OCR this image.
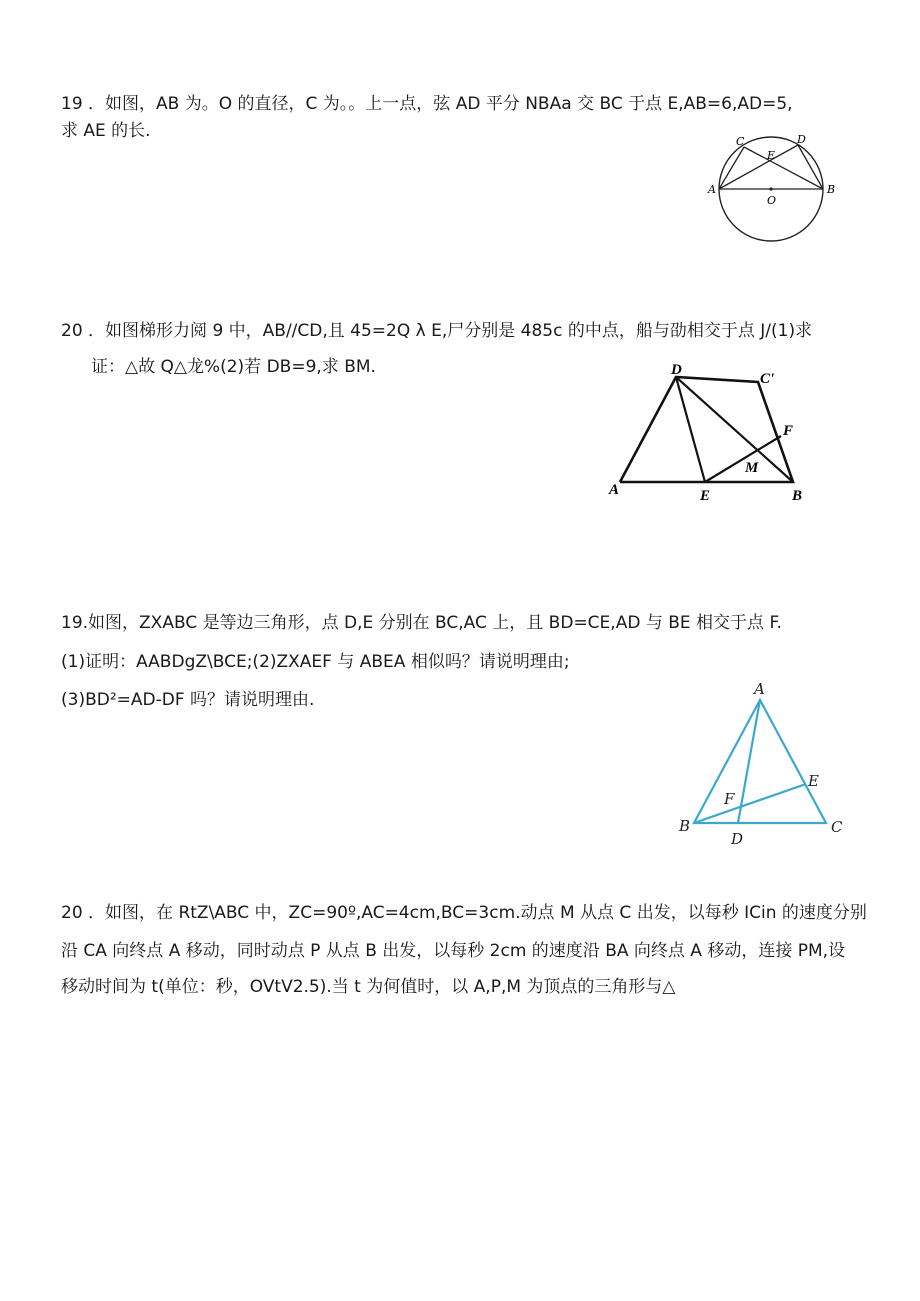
19 ．如图，AB 为。O 的直径，C 为。。上一点，弦 AD 平分 NBAa 交 BC 于点 E,AB=6,AD=5,

求 AE 的长.

A	B
C	D
E
O

20 ．如图梯形力阅 9 中，AB//CD,且 45=2Q λ E,尸分别是 485c 的中点，船与劭相交于点 J/(1)求

证：△故 Q△龙%(2)若 DB=9,求 BM.	D
C'
F
M
A	E	B

19.如图，ZXABC 是等边三角形，点 D,E 分别在 BC,AC 上，且 BD=CE,AD 与 BE 相交于点 F.

(1)证明：AABDgZ\BCE;(2)ZXAEF 与 ABEA 相似吗？请说明理由;

(3)BD²=AD-DF 吗？请说明理由.

A
E
F
B
D
C

20 ．如图，在 RtZ\ABC 中，ZC=90º,AC=4cm,BC=3cm.动点 M 从点 C 出发，以每秒 ICin 的速度分别

沿 CA 向终点 A 移动，同时动点 P 从点 B 出发，以每秒 2cm 的速度沿 BA 向终点 A 移动，连接 PM,设

移动时间为 t(单位：秒，OVtV2.5).当 t 为何值时，以 A,P,M 为顶点的三角形与△
